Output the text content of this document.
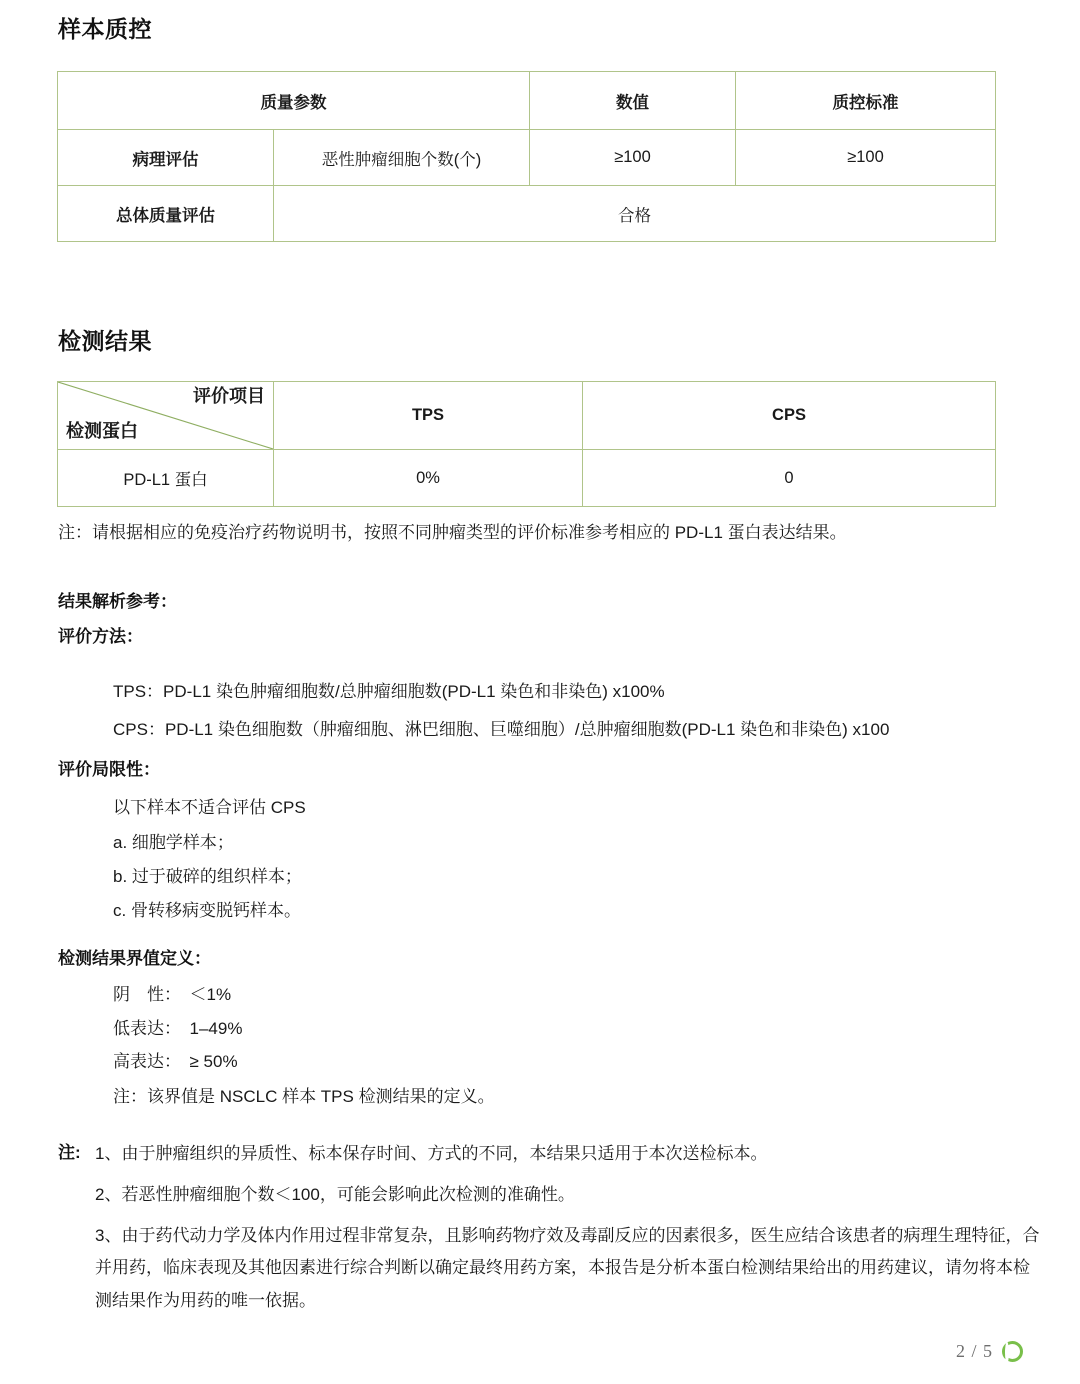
样本质控
质量参数		数值	质控标准
病理评估	恶性肿瘤细胞个数(个)	≥100	≥100
总体质量评估	合格		
检测结果
评价项目
检测蛋白	TPS	CPS
PD-L1 蛋白	0%	0
注：请根据相应的免疫治疗药物说明书，按照不同肿瘤类型的评价标准参考相应的 PD-L1 蛋白表达结果。
结果解析参考：
评价方法：
TPS：PD-L1 染色肿瘤细胞数/总肿瘤细胞数(PD-L1 染色和非染色) x100%
CPS：PD-L1 染色细胞数（肿瘤细胞、淋巴细胞、巨噬细胞）/总肿瘤细胞数(PD-L1 染色和非染色) x100
评价局限性：
以下样本不适合评估 CPS
a. 细胞学样本；
b. 过于破碎的组织样本；
c. 骨转移病变脱钙样本。
检测结果界值定义：
阴　性：　＜1%
低表达：　1–49%
高表达：　≥ 50%
注：该界值是 NSCLC 样本 TPS 检测结果的定义。
注: 1、由于肿瘤组织的异质性、标本保存时间、方式的不同，本结果只适用于本次送检标本。
2、若恶性肿瘤细胞个数＜100，可能会影响此次检测的准确性。
3、由于药代动力学及体内作用过程非常复杂，且影响药物疗效及毒副反应的因素很多，医生应结合该患者的病理生理特征，合并用药，临床表现及其他因素进行综合判断以确定最终用药方案，本报告是分析本蛋白检测结果给出的用药建议，请勿将本检测结果作为用药的唯一依据。
2 / 5
